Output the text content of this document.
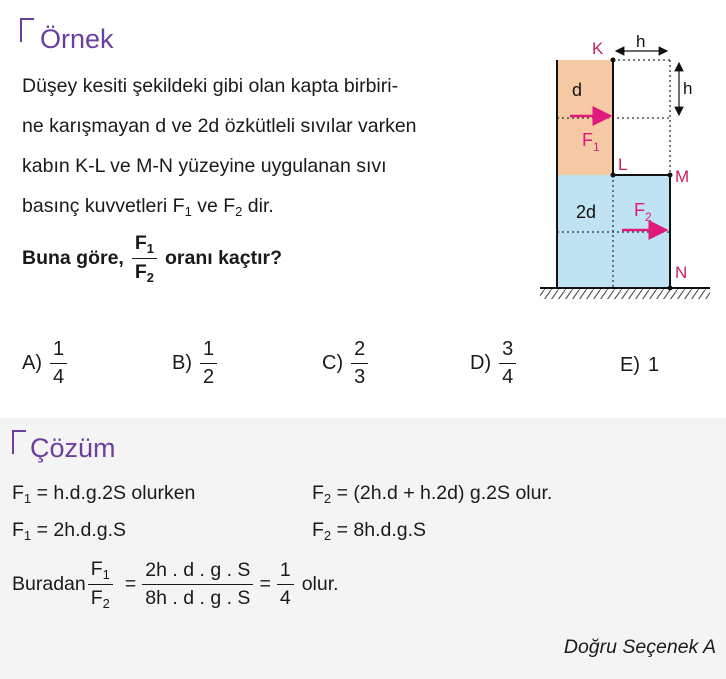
Örnek
Düşey kesiti şekildeki gibi olan kapta birbiri-
ne karışmayan d ve 2d özkütleli sıvılar varken
kabın K-L ve M-N yüzeyine uygulanan sıvı
basınç kuvvetleri $F_1$ ve $F_2$ dir.
Buna göre, $\frac{F_1}{F_2}$ oranı kaçtır?
K
L
M
N
h
h
d
2d
$F_1$
$F_2$
$A) \frac{1}{4}$	$B) \frac{1}{2}$	$C) \frac{2}{3}$	$D) \frac{3}{4}$	E) 1
Çözüm
$F_1 = h.d.g.2S$ olurken	$F_2 = (2h.d + h.2d)$ g.2S olur.
$F_1 = 2h.d.g.S$	$F_2 = 8h.d.g.S$
Buradan $\frac{F_1}{F_2} = \frac{2h . d . g . S}{8h . d . g . S} = \frac{1}{4}$ olur.
Doğru Seçenek A
